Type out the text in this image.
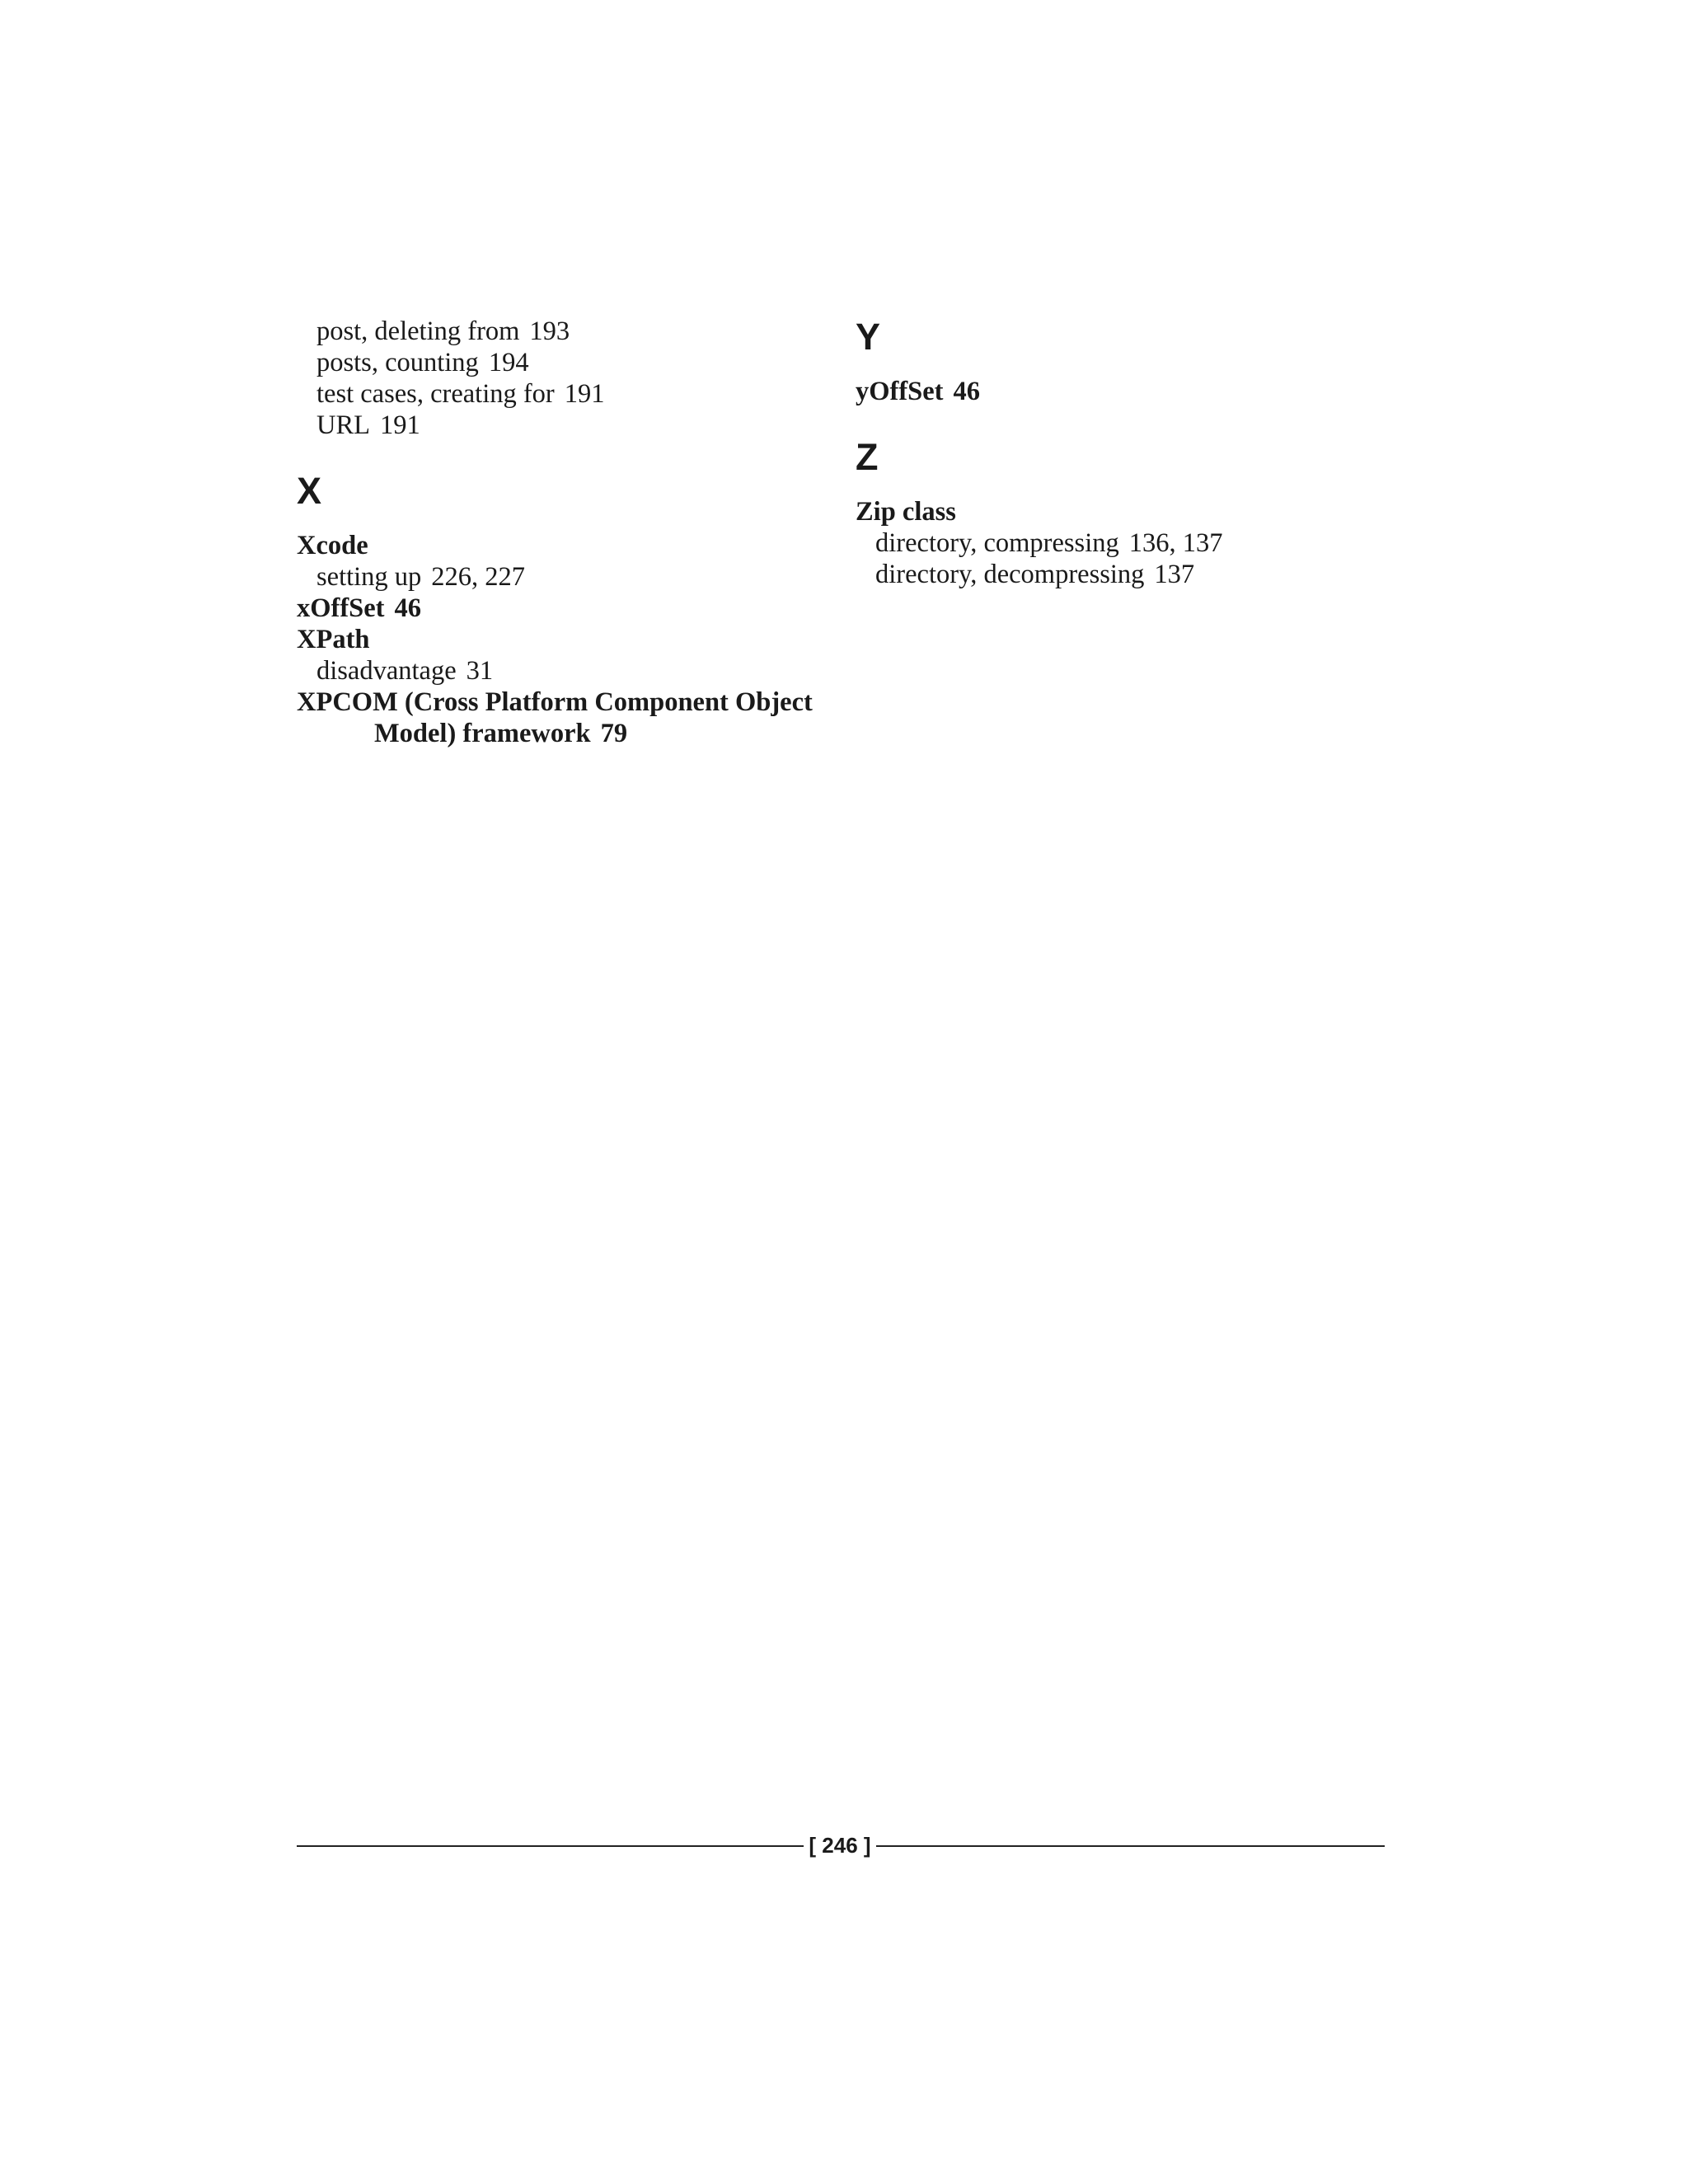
post, deleting from 193
posts, counting 194
test cases, creating for 191
URL 191
X
Xcode
setting up 226, 227
xOffSet 46
XPath
disadvantage 31
XPCOM (Cross Platform Component Object
Model) framework 79
Y
yOffSet 46
Z
Zip class
directory, compressing 136, 137
directory, decompressing 137
[ 246 ]
